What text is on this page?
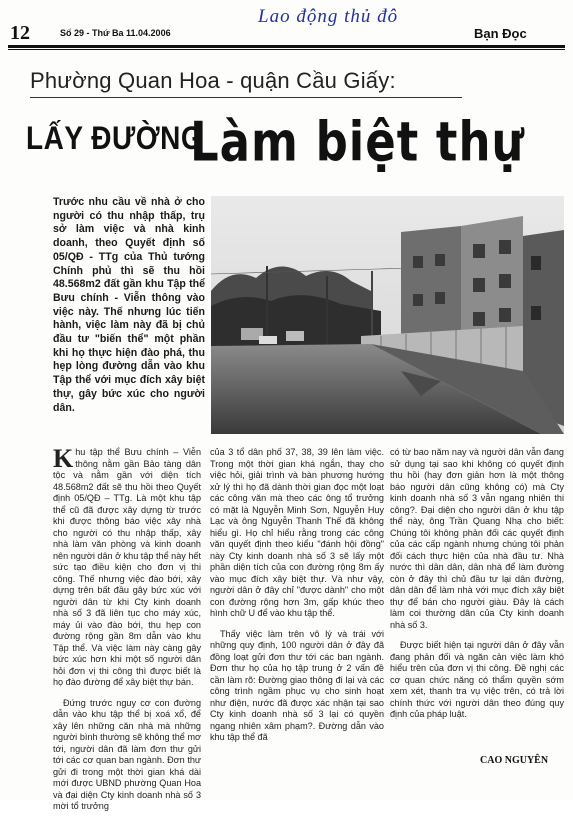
12	Số 29 - Thứ Ba 11.04.2006
Lao động thủ đô
Bạn Đọc
Phường Quan Hoa - quận Cầu Giấy:
LẤY ĐƯỜNG
Làm biệt thự
Trước nhu cầu về nhà ở cho người có thu nhập thấp, trụ sở làm việc và nhà kinh doanh, theo Quyết định số 05/QĐ - TTg của Thủ tướng Chính phủ thì sẽ thu hồi 48.568m2 đất gần khu Tập thể Bưu chính - Viễn thông vào việc này. Thế nhưng lúc tiến hành, việc làm này đã bị chủ đầu tư "biến thể" một phần khi họ thực hiện đào phá, thu hẹp lòng đường dẫn vào khu Tập thể với mục đích xây biệt thự, gây bức xúc cho người dân.

Khu tập thể Bưu chính – Viễn thông nằm gần Bảo tàng dân tộc và nằm gần với diện tích 48.568m2 đất sẽ thu hồi theo Quyết định 05/QĐ – TTg. Là một khu tập thể cũ đã được xây dựng từ trước khi được thông báo việc xây nhà cho người có thu nhập thấp, xây nhà làm văn phòng và kinh doanh nên người dân ở khu tập thể này hết sức tạo điều kiện cho đơn vị thi công. Thế nhưng việc đào bới, xây dựng trên bất đầu gây bức xúc với người dân từ khi Cty kinh doanh nhà số 3 đã liên tục cho máy xúc, máy ủi vào đào bới, thu hẹp con đường rộng gần 8m dẫn vào khu Tập thể. Và việc làm này càng gây bức xúc hơn khi một số người dân hỏi đơn vị thi công thì được biết là họ đào đường để xây biệt thự bán.

Đứng trước nguy cơ con đường dẫn vào khu tập thể bị xoá xổ, để xây lên những căn nhà mà những người bình thường sẽ không thể mơ tới, người dân đã làm đơn thư gửi tới các cơ quan ban ngành. Đơn thư gửi đi trong một thời gian khá dài mới được UBND phường Quan Hoa và đại diện Cty kinh doanh nhà số 3 mời tổ trưởng

của 3 tổ dân phố 37, 38, 39 lên làm việc. Trong một thời gian khá ngắn, thay cho việc hỏi, giải trình và bàn phương hướng xử lý thì họ đã dành thời gian đọc một loạt các công văn mà theo các ông tổ trưởng có mặt là Nguyễn Minh Sơn, Nguyễn Huy Lạc và ông Nguyễn Thanh Thế đã không hiểu gì. Họ chỉ hiểu rằng trong các công văn quyết định theo kiểu "đánh hội đồng" này Cty kinh doanh nhà số 3 sẽ lấy một phần diện tích của con đường rộng 8m ấy vào mục đích xây biệt thự. Và như vậy, người dân ở đây chỉ "được dành" cho một con đường rộng hơn 3m, gấp khúc theo hình chữ U để vào khu tập thể.

Thấy việc làm trên vô lý và trái với những quy định, 100 người dân ở đây đã đồng loạt gửi đơn thư tới các ban ngành. Đơn thư họ của họ tập trung ở 2 vấn đề cần làm rõ: Đường giao thông đi lại và các công trình ngầm phục vụ cho sinh hoạt như điện, nước đã được xác nhận tại sao Cty kinh doanh nhà số 3 lại có quyền ngang nhiên xâm phạm?. Đường dẫn vào khu tập thể đã

có từ bao năm nay và người dân vẫn đang sử dụng tại sao khi không có quyết định thu hồi (hay đơn giản hơn là một thông báo người dân cũng không có) mà Cty kinh doanh nhà số 3 vẫn ngang nhiên thi công?. Đại diện cho người dân ở khu tập thể này, ông Trần Quang Nhạ cho biết: Chúng tôi không phản đối các quyết định của các cấp ngành nhưng chúng tôi phản đối cách thực hiện của nhà đầu tư. Nhà nước thì dân dân, dân nhà để làm đường còn ở đây thì chủ đầu tư lại dân đường, dân dân để làm nhà với mục đích xây biệt thự để bán cho người giàu. Đây là cách làm coi thường dân của Cty kinh doanh nhà số 3.

Được biết hiện tại người dân ở đây vẫn đang phản đối và ngăn cản việc làm khó hiểu trên của đơn vị thi công. Đề nghị các cơ quan chức năng có thẩm quyền sớm xem xét, thanh tra vụ việc trên, có trả lời chính thức với người dân theo đúng quy định của pháp luật.

CAO NGUYÊN
